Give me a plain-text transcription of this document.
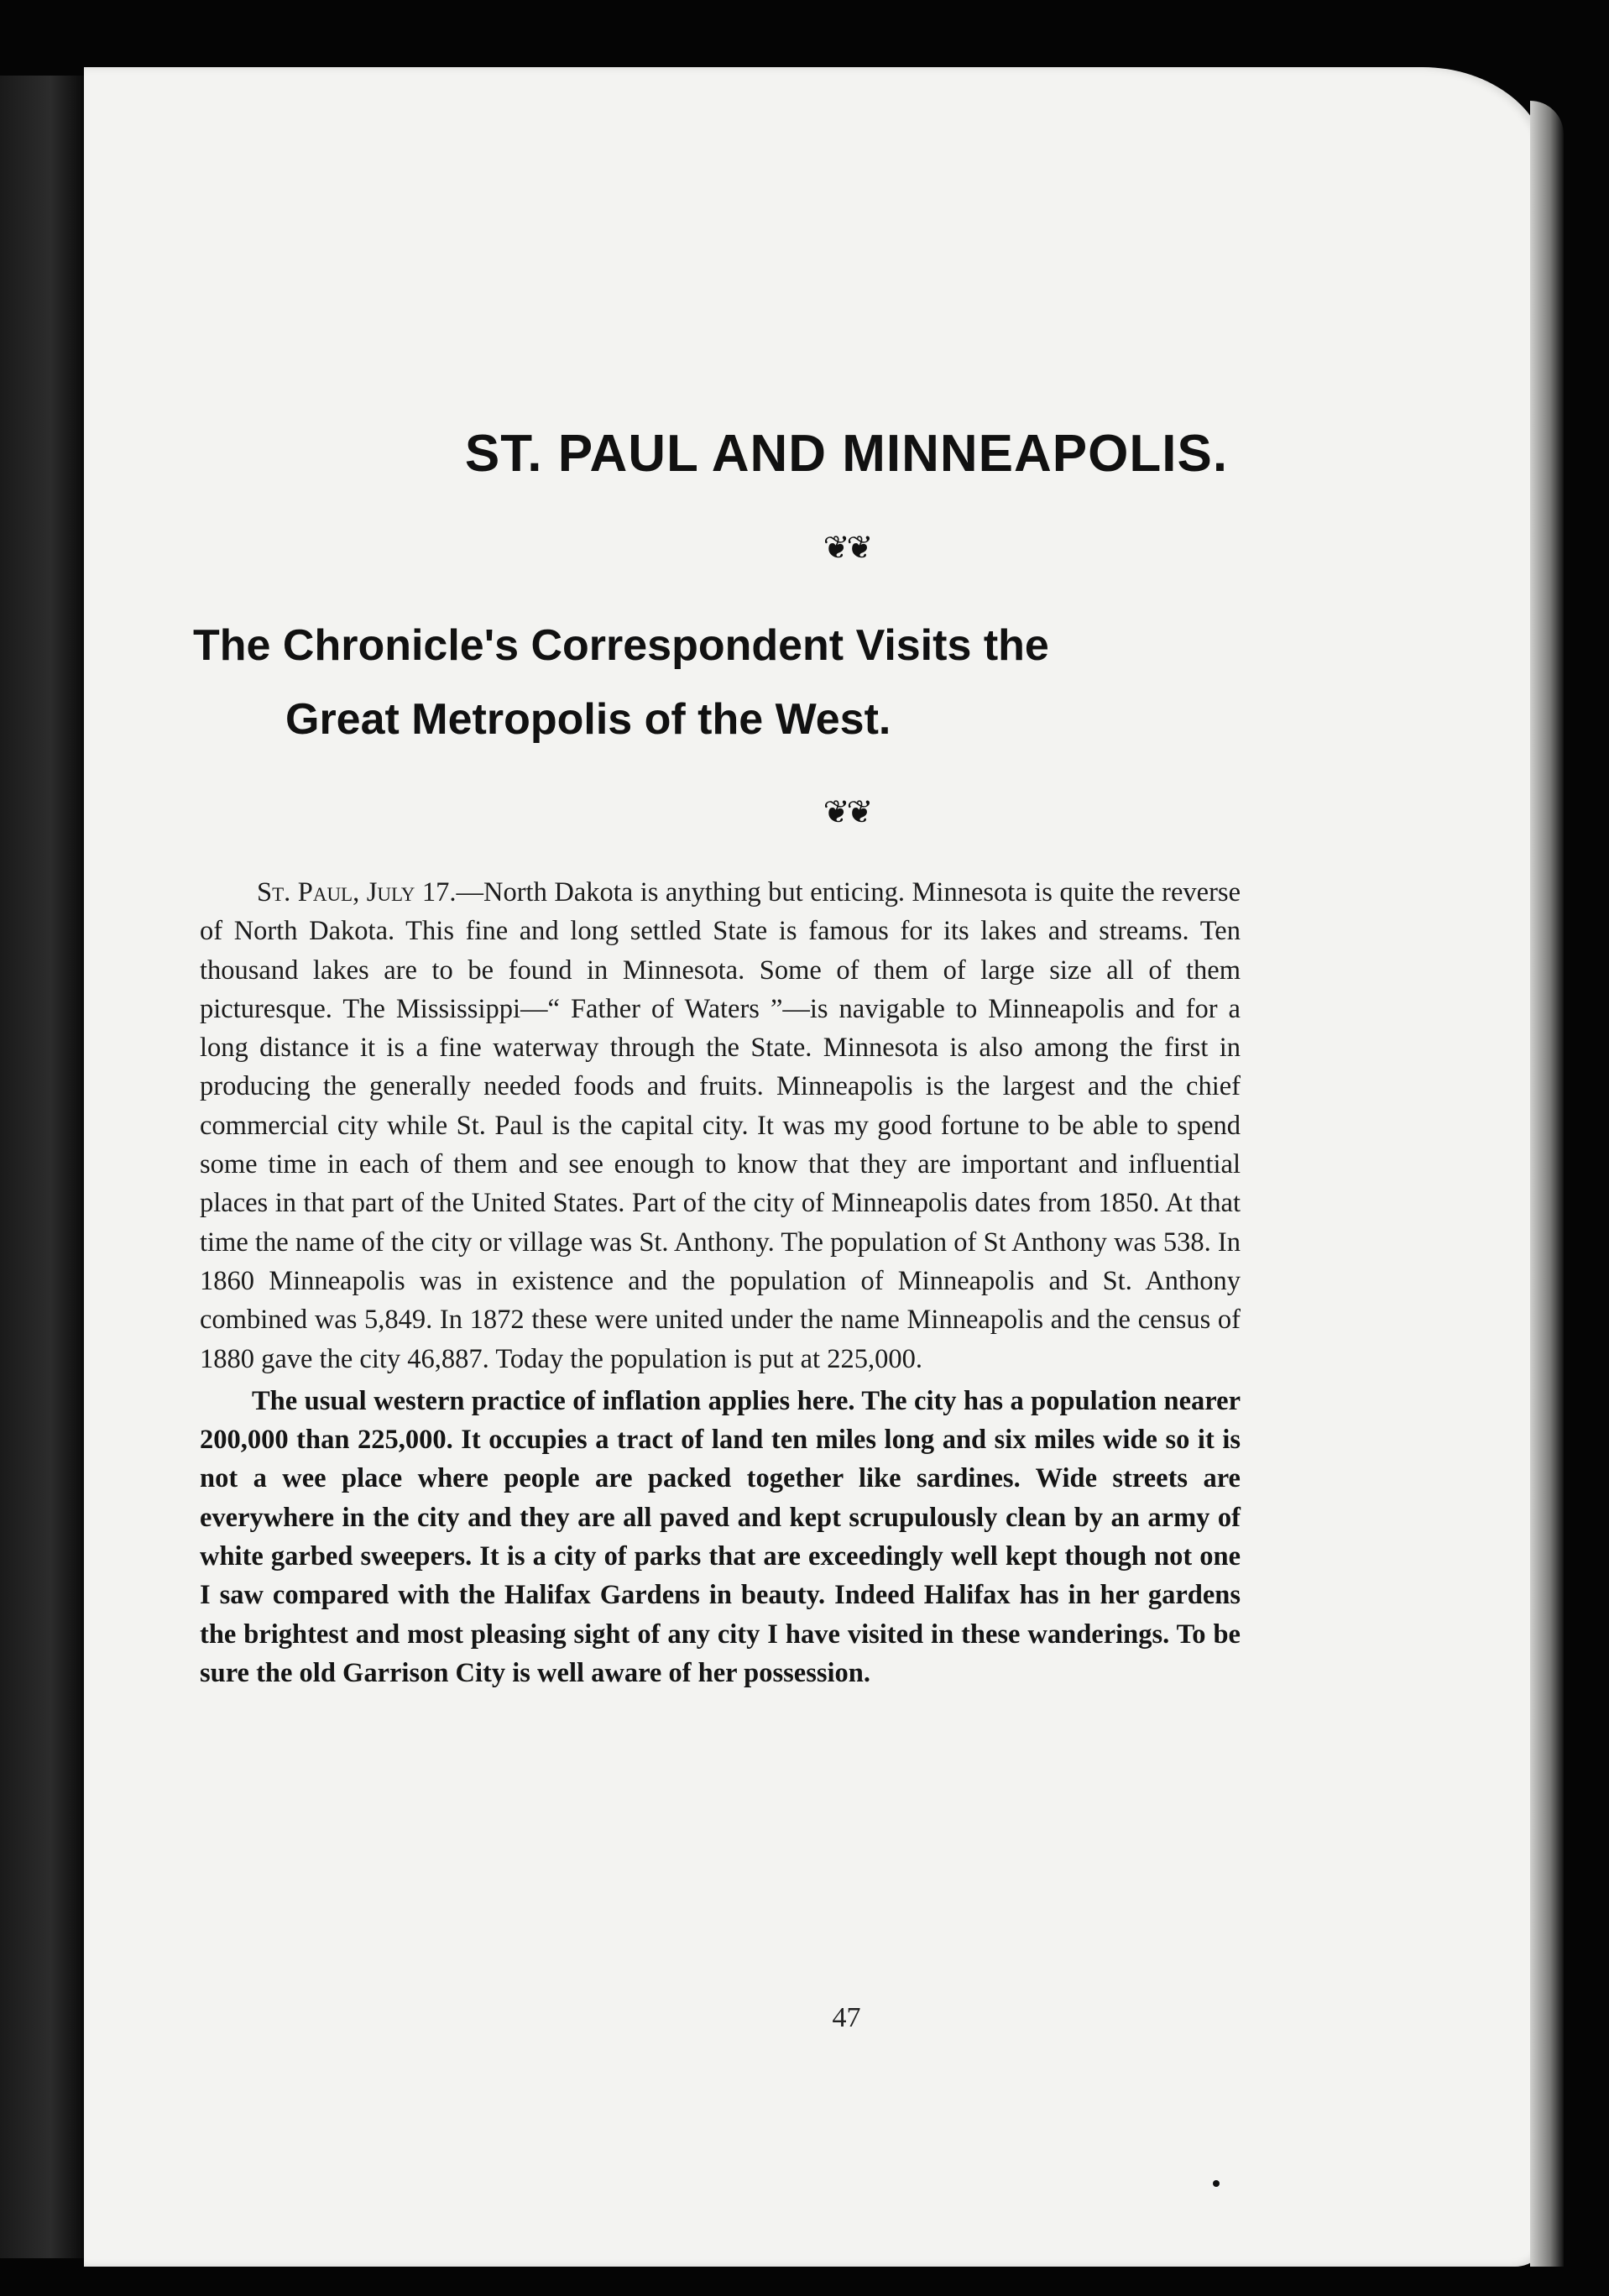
ST. PAUL AND MINNEAPOLIS.
❦❦
The Chronicle's Correspondent Visits the
Great Metropolis of the West.
❦❦

St. Paul, July 17.—North Dakota is anything but enticing. Minnesota is quite the reverse of North Dakota. This fine and long settled State is famous for its lakes and streams. Ten thousand lakes are to be found in Minnesota. Some of them of large size all of them picturesque. The Mississippi—“ Father of Waters ”—is navigable to Minneapolis and for a long distance it is a fine waterway through the State. Minnesota is also among the first in producing the generally needed foods and fruits. Minneapolis is the largest and the chief commercial city while St. Paul is the capital city. It was my good fortune to be able to spend some time in each of them and see enough to know that they are important and influential places in that part of the United States. Part of the city of Minneapolis dates from 1850. At that time the name of the city or village was St. Anthony. The population of St Anthony was 538. In 1860 Minneapolis was in existence and the population of Minneapolis and St. Anthony combined was 5,849. In 1872 these were united under the name Minneapolis and the census of 1880 gave the city 46,887. Today the population is put at 225,000.

The usual western practice of inflation applies here. The city has a population nearer 200,000 than 225,000. It occupies a tract of land ten miles long and six miles wide so it is not a wee place where people are packed together like sardines. Wide streets are everywhere in the city and they are all paved and kept scrupulously clean by an army of white garbed sweepers. It is a city of parks that are exceedingly well kept though not one I saw compared with the Halifax Gardens in beauty. Indeed Halifax has in her gardens the brightest and most pleasing sight of any city I have visited in these wanderings. To be sure the old Garrison City is well aware of her possession.

47
